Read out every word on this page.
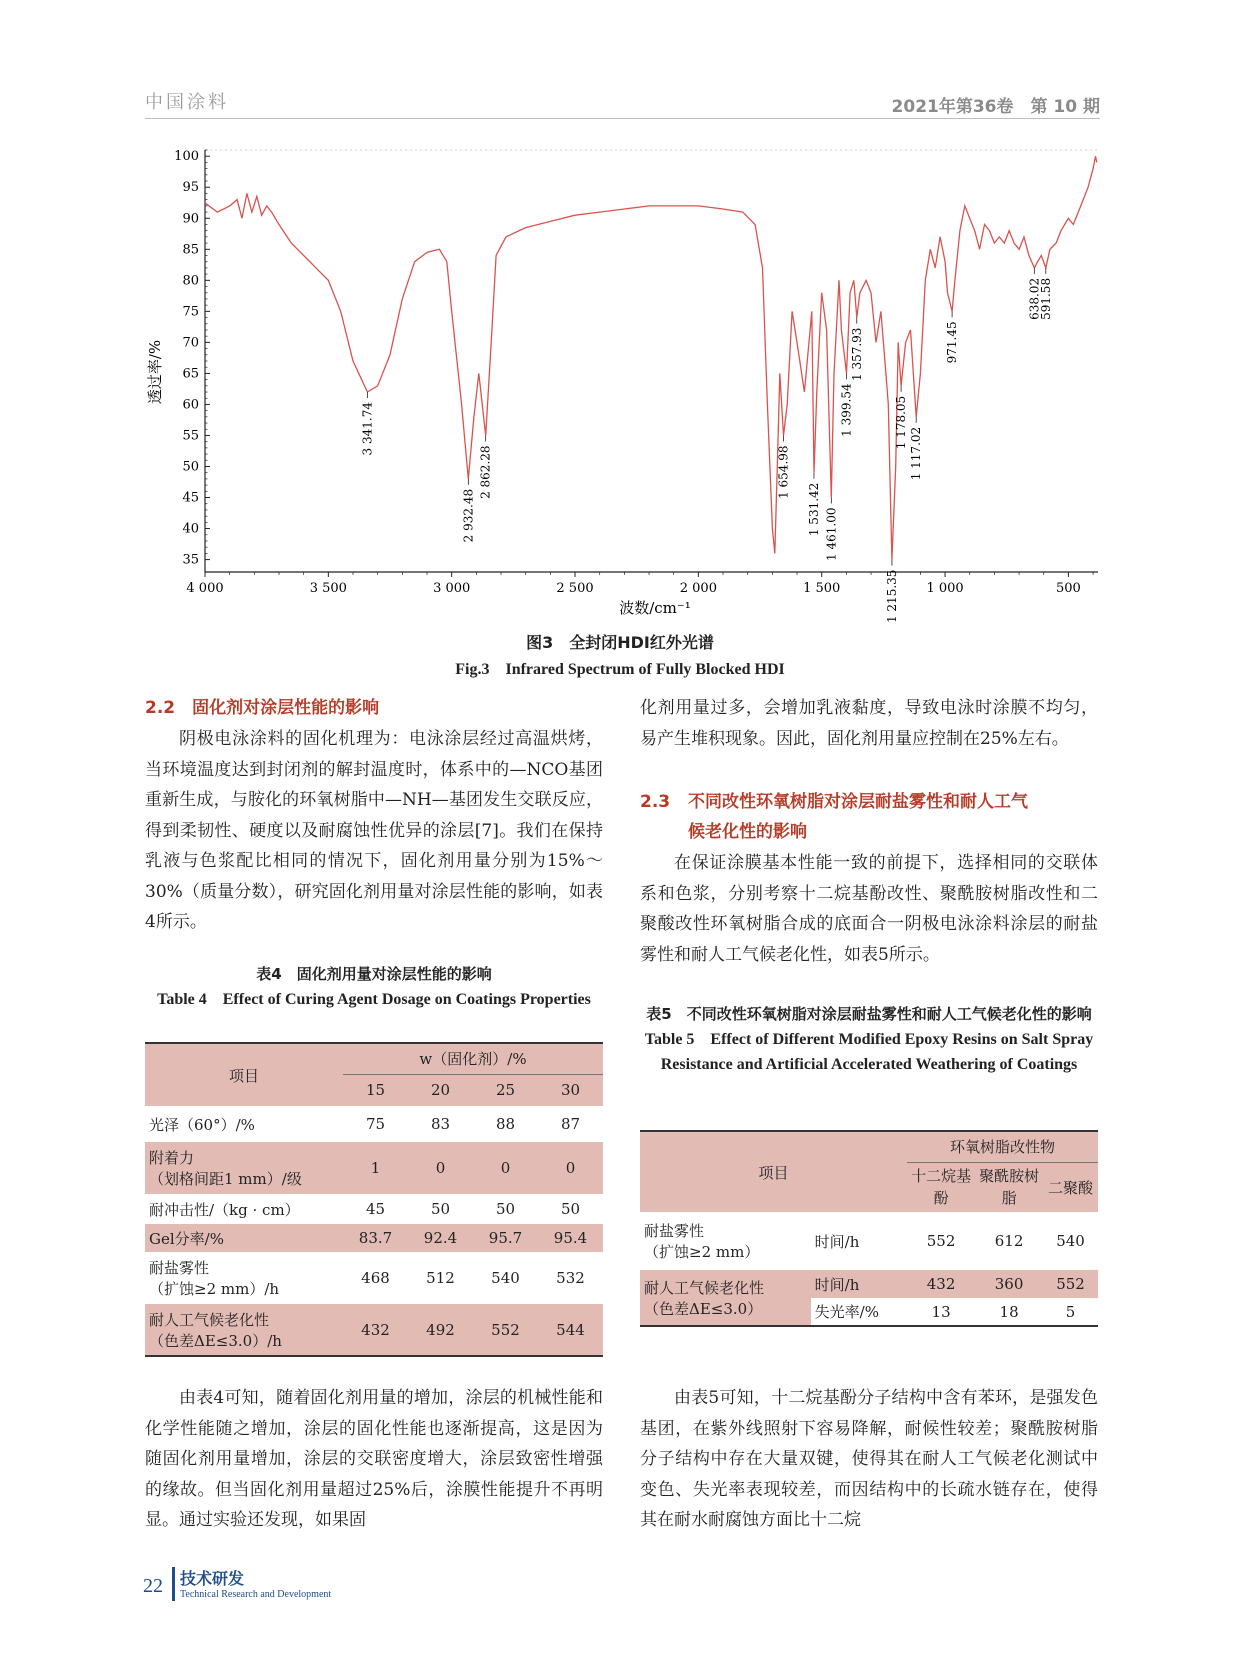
中国涂料	2021年第36卷　第 10 期
35
40
45
50
55
60
65
70
75
80
85
90
95
100
4 000	3 500	3 000	2 500	2 000	1 500	1 000	500
3 341.74
2 932.48
2 862.28	1 654.98
1 531.42 1 461.00
1 399.54
1 357.93
1 215.35
1 178.05
1 117.02
971.45
638.02
591.58
波数/cm⁻¹
透过率/%
图3　全封闭HDI红外光谱
Fig.3　Infrared Spectrum of Fully Blocked HDI
2.2　固化剂对涂层性能的影响

阴极电泳涂料的固化机理为：电泳涂层经过高温烘烤，当环境温度达到封闭剂的解封温度时，体系中的—NCO基团重新生成，与胺化的环氧树脂中—NH—基团发生交联反应，得到柔韧性、硬度以及耐腐蚀性优异的涂层[7]。我们在保持乳液与色浆配比相同的情况下，固化剂用量分别为15%～30%（质量分数），研究固化剂用量对涂层性能的影响，如表4所示。

表4　固化剂用量对涂层性能的影响
Table 4　Effect of Curing Agent Dosage on Coatings Properties
项目	w（固化剂）/%			
	15	20	25	30
光泽（60°）/%	75	83	88	87
附着力
（划格间距1 mm）/级	1	0	0	0
耐冲击性/（kg · cm）	45	50	50	50
Gel分率/%	83.7	92.4	95.7	95.4
耐盐雾性
（扩蚀≥2 mm）/h	468	512	540	532
耐人工气候老化性
（色差ΔE≤3.0）/h	432	492	552	544

由表4可知，随着固化剂用量的增加，涂层的机械性能和化学性能随之增加，涂层的固化性能也逐渐提高，这是因为随固化剂用量增加，涂层的交联密度增大，涂层致密性增强的缘故。但当固化剂用量超过25%后，涂膜性能提升不再明显。通过实验还发现，如果固

化剂用量过多，会增加乳液黏度，导致电泳时涂膜不均匀，易产生堆积现象。因此，固化剂用量应控制在25%左右。

2.3 不同改性环氧树脂对涂层耐盐雾性和耐人工气
候老化性的影响

在保证涂膜基本性能一致的前提下，选择相同的交联体系和色浆，分别考察十二烷基酚改性、聚酰胺树脂改性和二聚酸改性环氧树脂合成的底面合一阴极电泳涂料涂层的耐盐雾性和耐人工气候老化性，如表5所示。

表5　不同改性环氧树脂对涂层耐盐雾性和耐人工气候老化性的影响
Table 5　Effect of Different Modified Epoxy Resins on Salt Spray Resistance and Artificial Accelerated Weathering of Coatings
项目		环氧树脂改性物		
		十二烷基酚	聚酰胺树脂	二聚酸
耐盐雾性
（扩蚀≥2 mm）	时间/h	552	612	540
耐人工气候老化性
（色差ΔE≤3.0）	时间/h	432	360	552
	失光率/%	13	18	5

由表5可知，十二烷基酚分子结构中含有苯环，是强发色基团，在紫外线照射下容易降解，耐候性较差；聚酰胺树脂分子结构中存在大量双键，使得其在耐人工气候老化测试中变色、失光率表现较差，而因结构中的长疏水链存在，使得其在耐水耐腐蚀方面比十二烷

22 技术研发
Technical Research and Development
